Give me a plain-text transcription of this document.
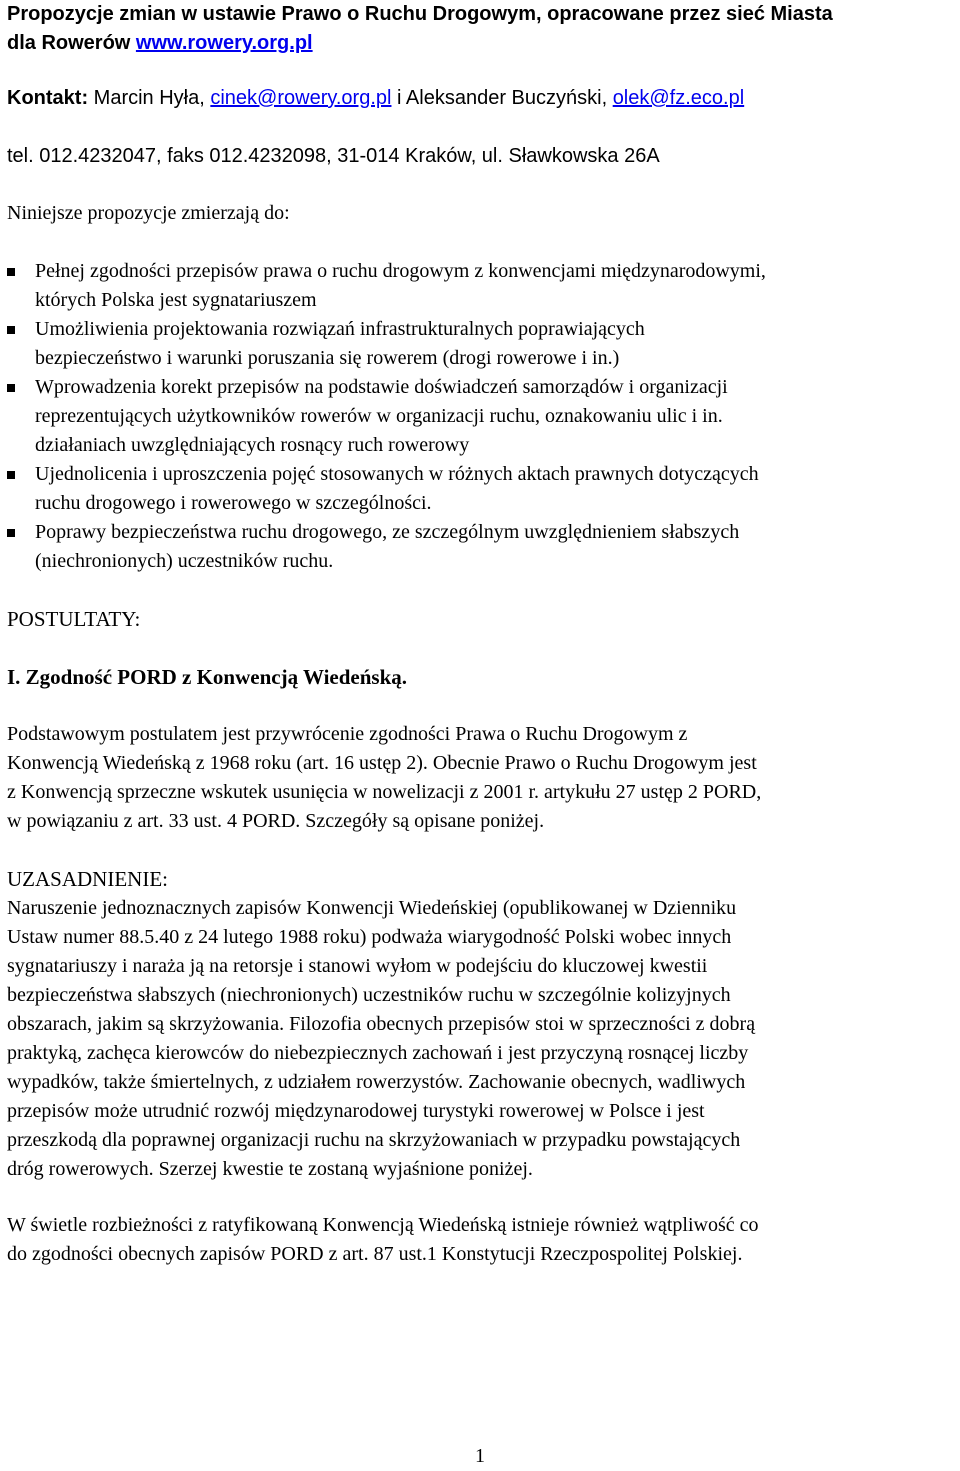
Propozycje zmian w ustawie Prawo o Ruchu Drogowym, opracowane przez sieć Miasta
dla Rowerów www.rowery.org.pl
Kontakt: Marcin Hyła, cinek@rowery.org.pl i Aleksander Buczyński, olek@fz.eco.pl
tel. 012.4232047, faks 012.4232098, 31-014 Kraków, ul. Sławkowska 26A
Niniejsze propozycje zmierzają do:
Pełnej zgodności przepisów prawa o ruchu drogowym z konwencjami międzynarodowymi,
których Polska jest sygnatariuszem
Umożliwienia projektowania rozwiązań infrastrukturalnych poprawiających
bezpieczeństwo i warunki poruszania się rowerem (drogi rowerowe i in.)
Wprowadzenia korekt przepisów na podstawie doświadczeń samorządów i organizacji
reprezentujących użytkowników rowerów w organizacji ruchu, oznakowaniu ulic i in.
działaniach uwzględniających rosnący ruch rowerowy
Ujednolicenia i uproszczenia pojęć stosowanych w różnych aktach prawnych dotyczących
ruchu drogowego i rowerowego w szczególności.
Poprawy bezpieczeństwa ruchu drogowego, ze szczególnym uwzględnieniem słabszych
(niechronionych) uczestników ruchu.
POSTULTATY:
I. Zgodność PORD z Konwencją Wiedeńską.
Podstawowym postulatem jest przywrócenie zgodności Prawa o Ruchu Drogowym z
Konwencją Wiedeńską z 1968 roku (art. 16 ustęp 2). Obecnie Prawo o Ruchu Drogowym jest
z Konwencją sprzeczne wskutek usunięcia w nowelizacji z 2001 r. artykułu 27 ustęp 2 PORD,
w powiązaniu z art. 33 ust. 4 PORD. Szczegóły są opisane poniżej.
UZASADNIENIE:
Naruszenie jednoznacznych zapisów Konwencji Wiedeńskiej (opublikowanej w Dzienniku
Ustaw numer 88.5.40 z 24 lutego 1988 roku) podważa wiarygodność Polski wobec innych
sygnatariuszy i naraża ją na retorsje i stanowi wyłom w podejściu do kluczowej kwestii
bezpieczeństwa słabszych (niechronionych) uczestników ruchu w szczególnie kolizyjnych
obszarach, jakim są skrzyżowania. Filozofia obecnych przepisów stoi w sprzeczności z dobrą
praktyką, zachęca kierowców do niebezpiecznych zachowań i jest przyczyną rosnącej liczby
wypadków, także śmiertelnych, z udziałem rowerzystów. Zachowanie obecnych, wadliwych
przepisów może utrudnić rozwój międzynarodowej turystyki rowerowej w Polsce i jest
przeszkodą dla poprawnej organizacji ruchu na skrzyżowaniach w przypadku powstających
dróg rowerowych. Szerzej kwestie te zostaną wyjaśnione poniżej.
W świetle rozbieżności z ratyfikowaną Konwencją Wiedeńską istnieje również wątpliwość co
do zgodności obecnych zapisów PORD z art. 87 ust.1 Konstytucji Rzeczpospolitej Polskiej.
1
